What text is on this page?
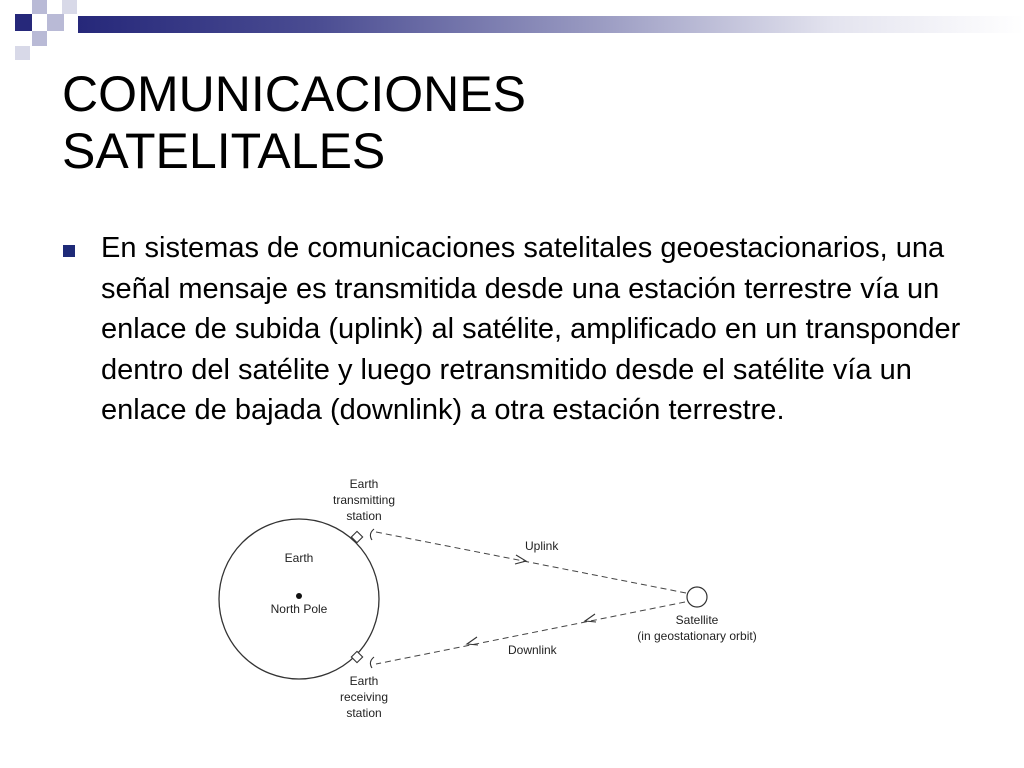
COMUNICACIONES
SATELITALES

En sistemas de comunicaciones satelitales geoestacionarios, una señal mensaje es transmitida desde una estación terrestre vía un enlace de subida (uplink) al satélite, amplificado en un transponder dentro del satélite y luego retransmitido desde el satélite vía un enlace de bajada (downlink) a otra estación terrestre.

Earth
North Pole
Earth
transmitting
station
Earth
receiving
station
Uplink
Downlink
Satellite
(in geostationary orbit)
